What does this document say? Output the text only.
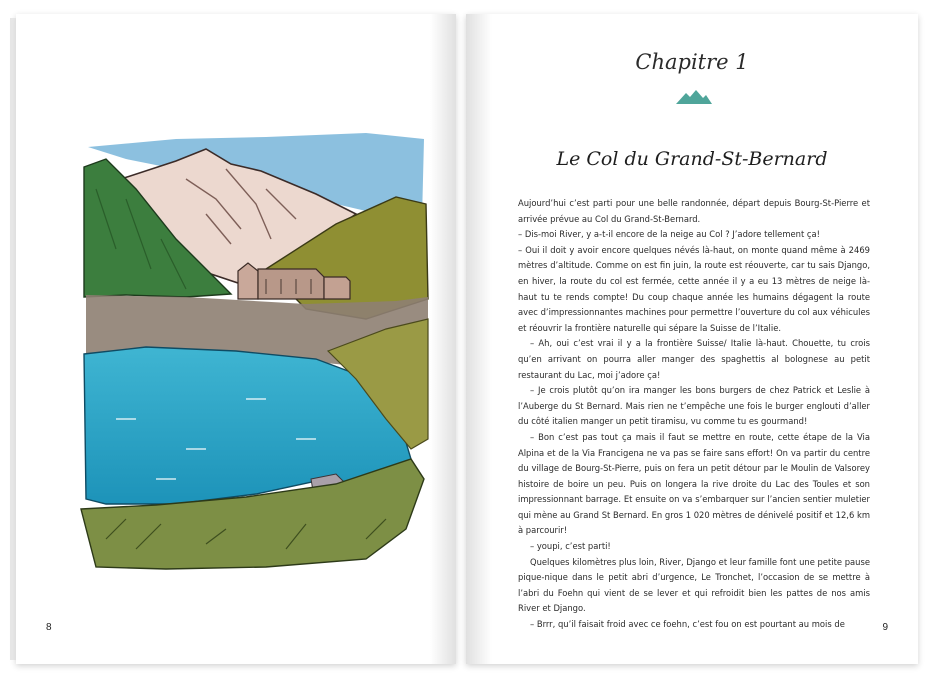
8
Chapitre 1
Le Col du Grand-St-Bernard

Aujourd’hui c’est parti pour une belle randonnée, départ depuis Bourg-St-Pierre et arrivée prévue au Col du Grand-St-Bernard.

– Dis-moi River, y a-t-il encore de la neige au Col ? J’adore tellement ça!

– Oui il doit y avoir encore quelques névés là-haut, on monte quand même à 2469 mètres d’altitude. Comme on est fin juin, la route est réouverte, car tu sais Django, en hiver, la route du col est fermée, cette année il y a eu 13 mètres de neige là-haut tu te rends compte! Du coup chaque année les humains dégagent la route avec d’impressionnantes machines pour permettre l’ouverture du col aux véhicules et réouvrir la frontière naturelle qui sépare la Suisse de l’Italie.

– Ah, oui c’est vrai il y a la frontière Suisse/ Italie là-haut. Chouette, tu crois qu’en arrivant on pourra aller manger des spaghettis al bolognese au petit restaurant du Lac, moi j’adore ça!

– Je crois plutôt qu’on ira manger les bons burgers de chez Patrick et Leslie à l’Auberge du St Bernard. Mais rien ne t’empêche une fois le burger englouti d’aller du côté italien manger un petit tiramisu, vu comme tu es gourmand!

– Bon c’est pas tout ça mais il faut se mettre en route, cette étape de la Via Alpina et de la Via Francigena ne va pas se faire sans effort! On va partir du centre du village de Bourg-St-Pierre, puis on fera un petit détour par le Moulin de Valsorey histoire de boire un peu. Puis on longera la rive droite du Lac des Toules et son impressionnant barrage. Et ensuite on va s’embarquer sur l’ancien sentier muletier qui mène au Grand St Bernard. En gros 1 020 mètres de dénivelé positif et 12,6 km à parcourir!

– youpi, c’est parti!

Quelques kilomètres plus loin, River, Django et leur famille font une petite pause pique-nique dans le petit abri d’urgence, Le Tronchet, l’occasion de se mettre à l’abri du Foehn qui vient de se lever et qui refroidit bien les pattes de nos amis River et Django.

– Brrr, qu’il faisait froid avec ce foehn, c’est fou on est pourtant au mois de	9
